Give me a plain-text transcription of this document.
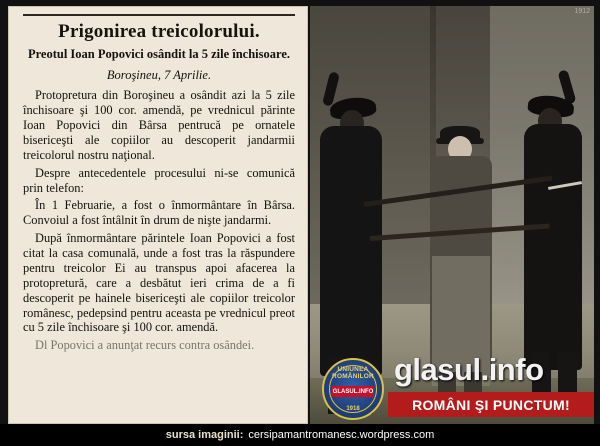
Prigonirea treicolorului.
Preotul Ioan Popovici osândit la 5 zile închisoare.
Boroşineu, 7 Aprilie.

Protopretura din Boroşineu a osândit azi la 5 zile închisoare şi 100 cor. amendă, pe vrednicul părinte Ioan Popovici din Bârsa pentrucă pe ornatele bisericeşti ale copiilor au descoperit jandarmii treicolorul nostru naţional.

Despre antecedentele procesului ni-se comunică prin telefon:

În 1 Februarie, a fost o înmormântare în Bârsa. Convoiul a fost întâlnit în drum de nişte jandarmi.

După înmormântare părintele Ioan Popovici a fost citat la casa comunală, unde a fost tras la răspundere pentru treicolor Ei au transpus apoi afacerea la protopretură, care a desbătut ieri crima de a fi descoperit pe hainele bisericeşti ale copiilor treicolor românesc, pedepsind pentru aceasta pe vrednicul preot cu 5 zile închisoare şi 100 cor. amendă.

Dl Popovici a anunţat recurs contra osândei.

1912
UNIUNEA ROMÂNILOR
GLASUL.INFO
1918
glasul.info
ROMÂNI ŞI PUNCTUM!
sursa imaginii: cersipamantromanesc.wordpress.com
